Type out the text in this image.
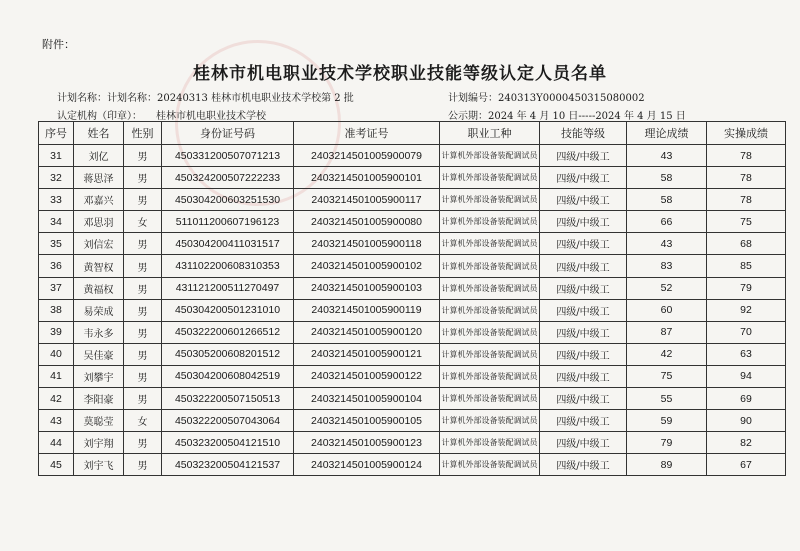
附件：
桂林市机电职业技术学校职业技能等级认定人员名单
计划名称：计划名称：20240313 桂林市机电职业技术学校第 2 批	计划编号：240313Y0000450315080002
认定机构（印章）： 桂林市机电职业技术学校	公示期：2024 年 4 月 10 日-----2024 年 4 月 15 日
序号	姓名	性别	身份证号码	准考证号	职业工种	技能等级	理论成绩	实操成绩
31	刘亿	男	450331200507071213	2403214501005900079	计算机外部设备装配调试员	四级/中级工	43	78
32	蒋思泽	男	450324200507222233	2403214501005900101	计算机外部设备装配调试员	四级/中级工	58	78
33	邓嘉兴	男	450304200603251530	2403214501005900117	计算机外部设备装配调试员	四级/中级工	58	78
34	邓思羽	女	511011200607196123	2403214501005900080	计算机外部设备装配调试员	四级/中级工	66	75
35	刘信宏	男	450304200411031517	2403214501005900118	计算机外部设备装配调试员	四级/中级工	43	68
36	黄智权	男	431102200608310353	2403214501005900102	计算机外部设备装配调试员	四级/中级工	83	85
37	黄福权	男	431121200511270497	2403214501005900103	计算机外部设备装配调试员	四级/中级工	52	79
38	易荣成	男	450304200501231010	2403214501005900119	计算机外部设备装配调试员	四级/中级工	60	92
39	韦永多	男	450322200601266512	2403214501005900120	计算机外部设备装配调试员	四级/中级工	87	70
40	吴佳豪	男	450305200608201512	2403214501005900121	计算机外部设备装配调试员	四级/中级工	42	63
41	刘攀宇	男	450304200608042519	2403214501005900122	计算机外部设备装配调试员	四级/中级工	75	94
42	李阳豪	男	450322200507150513	2403214501005900104	计算机外部设备装配调试员	四级/中级工	55	69
43	莫聪莹	女	450322200507043064	2403214501005900105	计算机外部设备装配调试员	四级/中级工	59	90
44	刘宇翔	男	450323200504121510	2403214501005900123	计算机外部设备装配调试员	四级/中级工	79	82
45	刘宇飞	男	450323200504121537	2403214501005900124	计算机外部设备装配调试员	四级/中级工	89	67
